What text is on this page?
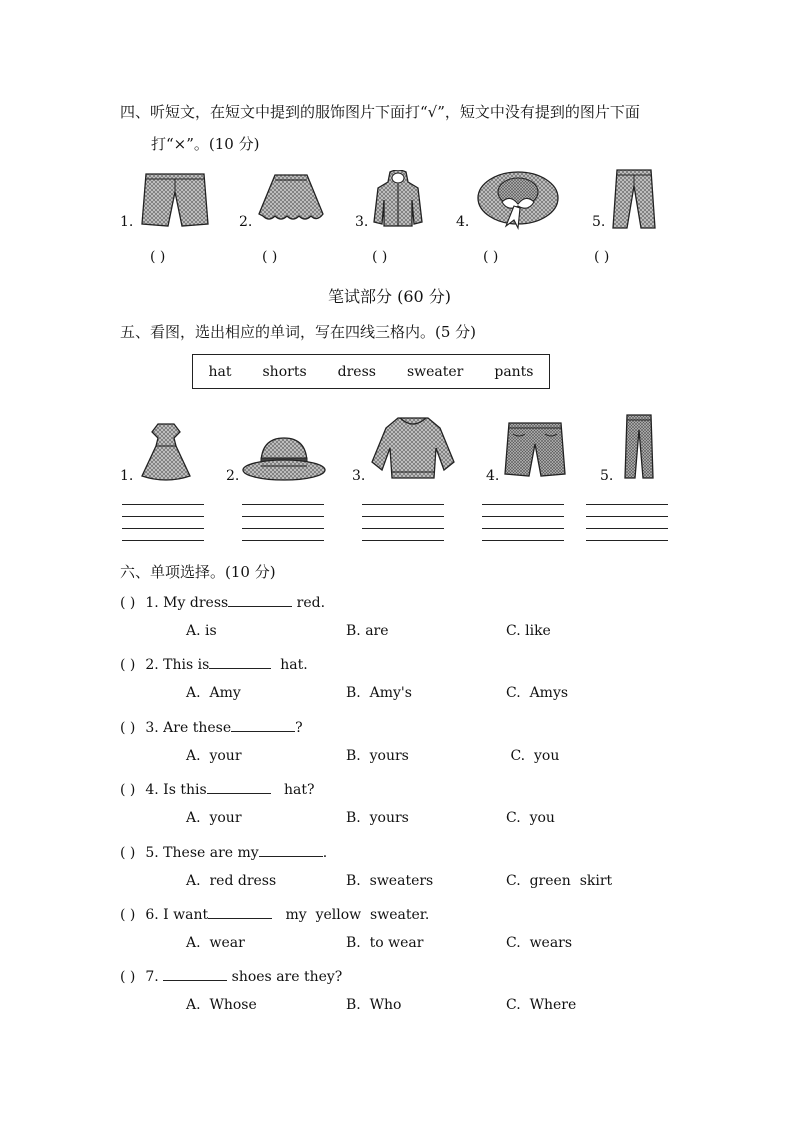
四、听短文，在短文中提到的服饰图片下面打“√”，短文中没有提到的图片下面
打“×”。(10 分)
1.	2.	3.	4.	5.
( )	( )	( )	( )	( )
笔试部分 (60 分)
五、看图，选出相应的单词，写在四线三格内。(5 分)
hat shorts dress sweater pants
1.	2.	3.	4.	5.
六、单项选择。(10 分)
( ) 1. My dress	red.
A. is	B. are	C. like
( ) 2. This is	hat.
A.  Amy	B.  Amy's	C.  Amys
( ) 3. Are these	?
A.  your	B.  yours	C.  you
( ) 4. Is this	hat?
A.  your	B.  yours	C.  you
( ) 5. These are my	.
A.  red dress	B.  sweaters	C.  green  skirt
( ) 6. I want	my  yellow  sweater.
A.  wear	B.  to wear	C.  wears
( ) 7.	shoes are they?
A.  Whose	B.  Who	C.  Where
